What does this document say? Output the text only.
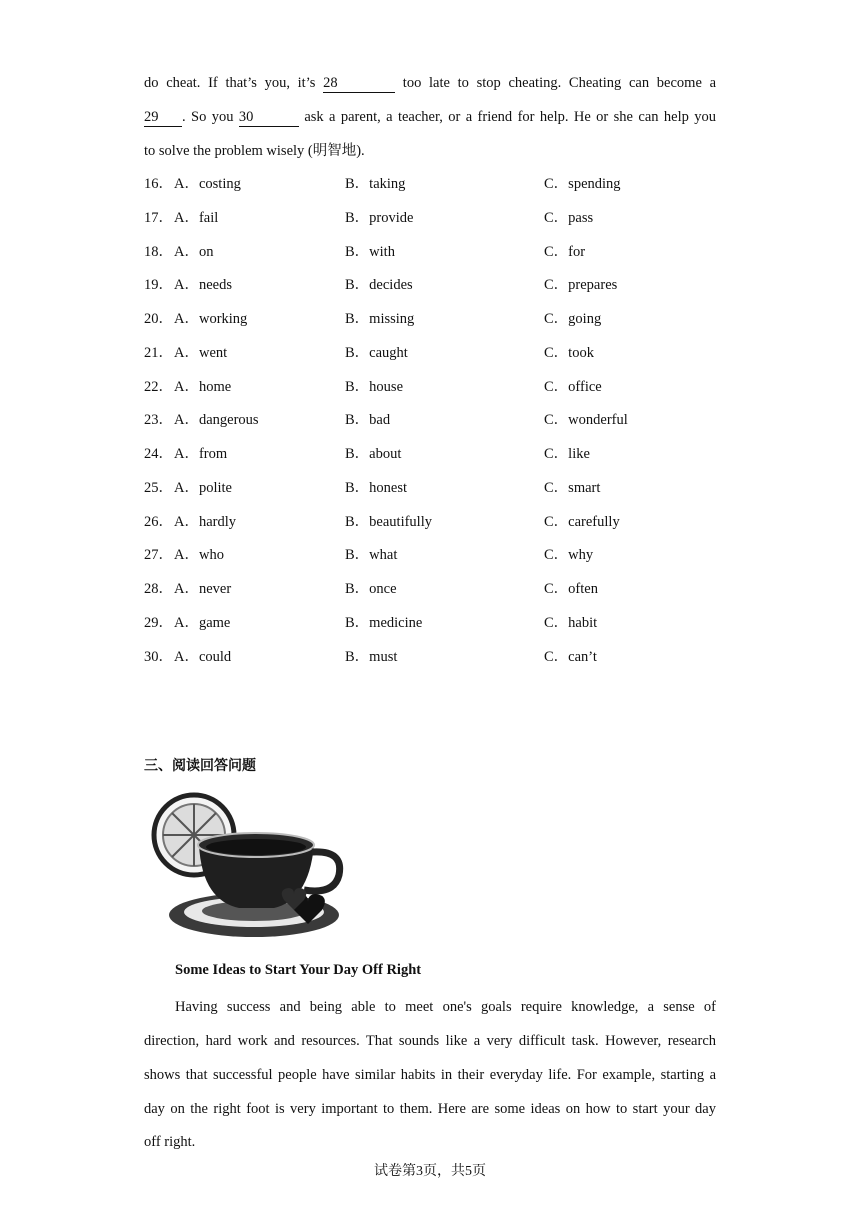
do cheat. If that’s you, it’s 28	too late to stop cheating. Cheating can become a
29 . So you 30	ask a parent, a teacher, or a friend for help. He or she can help you
to solve the problem wisely (明智地).
16． A．costing	B．taking	C．spending
17． A．fail	B．provide	C．pass
18． A．on	B．with	C．for
19． A．needs	B．decides	C．prepares
20． A．working	B．missing	C．going
21． A．went	B．caught	C．took
22． A．home	B．house	C．office
23． A．dangerous	B．bad	C．wonderful
24． A．from	B．about	C．like
25． A．polite	B．honest	C．smart
26． A．hardly	B．beautifully	C．carefully
27． A．who	B．what	C．why
28． A．never	B．once	C．often
29． A．game	B．medicine	C．habit
30． A．could	B．must	C．can’t
三、阅读回答问题
Some Ideas to Start Your Day Off Right
Having success and being able to meet one's goals require knowledge, a sense of
direction, hard work and resources. That sounds like a very difficult task. However, research
shows that successful people have similar habits in their everyday life. For example, starting a
day on the right foot is very important to them. Here are some ideas on how to start your day
off right.
试卷第3页，共5页
